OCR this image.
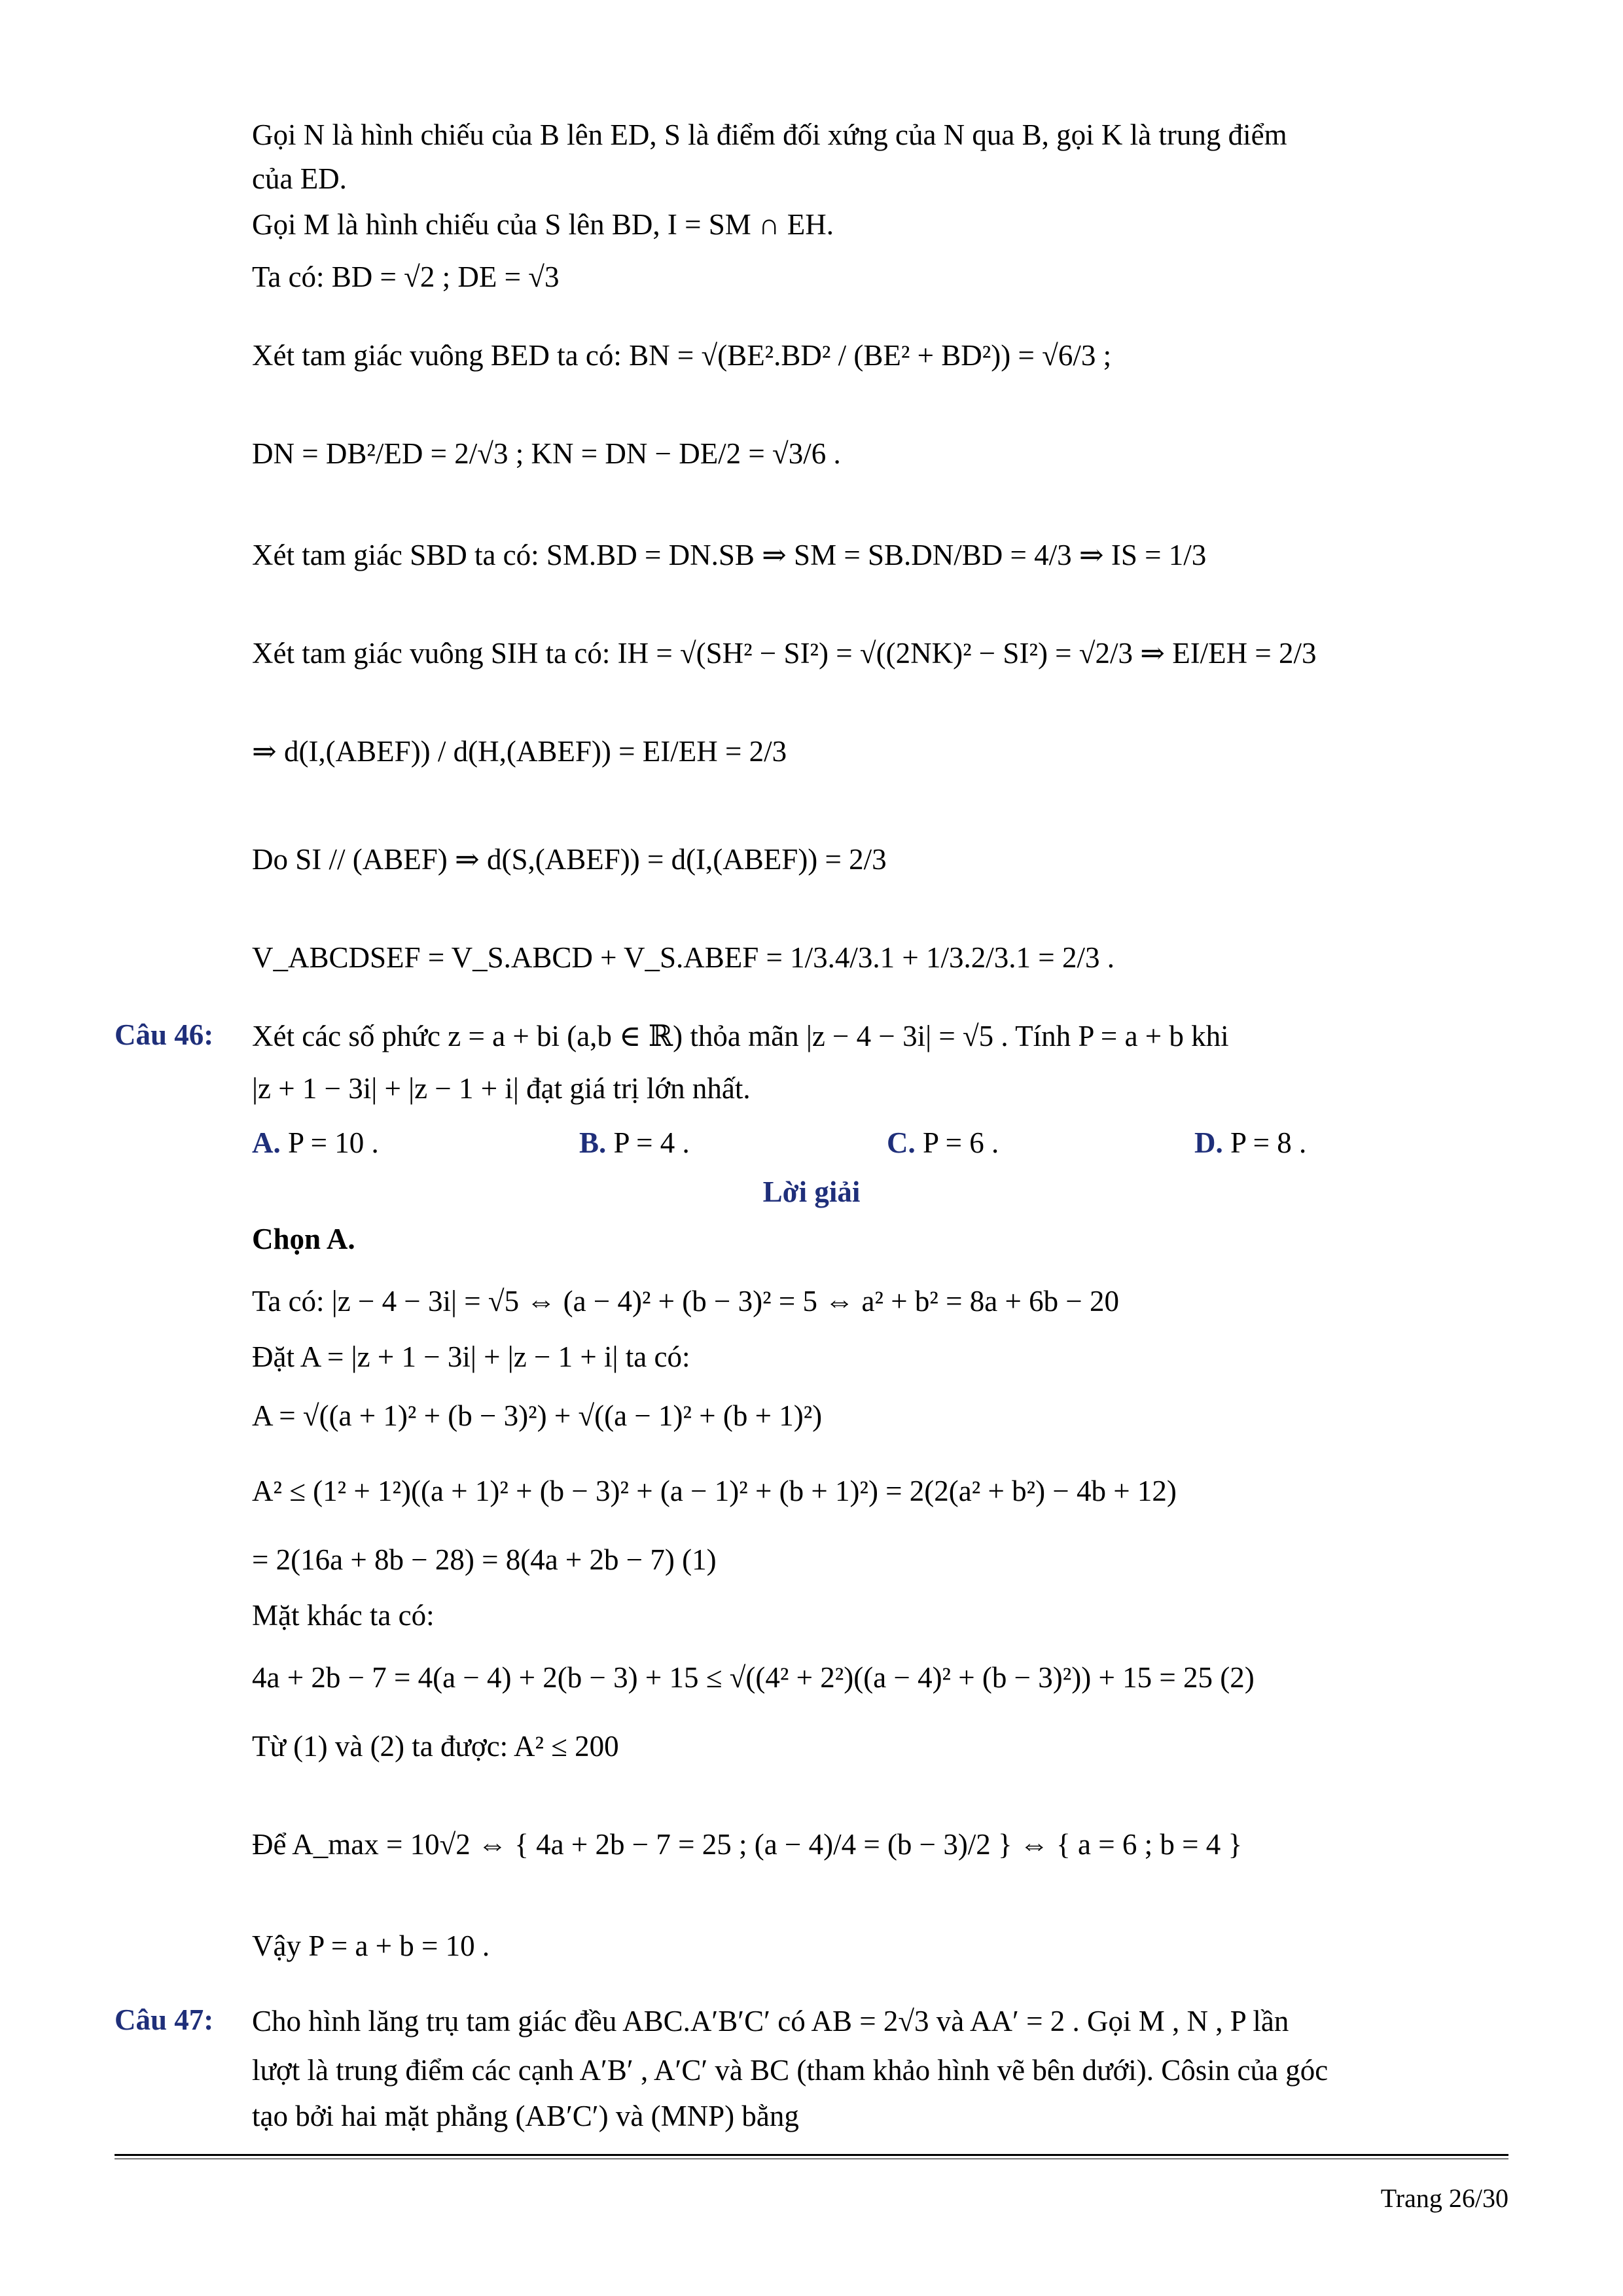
Gọi N là hình chiếu của B lên ED, S là điểm đối xứng của N qua B, gọi K là trung điểm
của ED.
Gọi M là hình chiếu của S lên BD, I = SM ∩ EH.
Ta có: BD = √2 ; DE = √3
Xét tam giác vuông BED ta có: BN = √(BE².BD² / (BE² + BD²)) = √6/3 ;
DN = DB²/ED = 2/√3 ; KN = DN − DE/2 = √3/6 .
Xét tam giác SBD ta có: SM.BD = DN.SB ⇒ SM = SB.DN/BD = 4/3 ⇒ IS = 1/3
Xét tam giác vuông SIH ta có: IH = √(SH² − SI²) = √((2NK)² − SI²) = √2/3 ⇒ EI/EH = 2/3
⇒ d(I,(ABEF)) / d(H,(ABEF)) = EI/EH = 2/3
Do SI // (ABEF) ⇒ d(S,(ABEF)) = d(I,(ABEF)) = 2/3
V_ABCDSEF = V_S.ABCD + V_S.ABEF = 1/3.4/3.1 + 1/3.2/3.1 = 2/3 .
Câu 46: Xét các số phức z = a + bi (a,b ∈ ℝ) thỏa mãn |z − 4 − 3i| = √5 . Tính P = a + b khi
|z + 1 − 3i| + |z − 1 + i| đạt giá trị lớn nhất.
A. P = 10 .	B. P = 4 .	C. P = 6 .	D. P = 8 .
Lời giải
Chọn A.
Ta có: |z − 4 − 3i| = √5 ⇔ (a − 4)² + (b − 3)² = 5 ⇔ a² + b² = 8a + 6b − 20
Đặt A = |z + 1 − 3i| + |z − 1 + i| ta có:
A = √((a + 1)² + (b − 3)²) + √((a − 1)² + (b + 1)²)
A² ≤ (1² + 1²)((a + 1)² + (b − 3)² + (a − 1)² + (b + 1)²) = 2(2(a² + b²) − 4b + 12)
= 2(16a + 8b − 28) = 8(4a + 2b − 7) (1)
Mặt khác ta có:
4a + 2b − 7 = 4(a − 4) + 2(b − 3) + 15 ≤ √((4² + 2²)((a − 4)² + (b − 3)²)) + 15 = 25 (2)
Từ (1) và (2) ta được: A² ≤ 200
Để A_max = 10√2 ⇔ { 4a + 2b − 7 = 25 ; (a − 4)/4 = (b − 3)/2 } ⇔ { a = 6 ; b = 4 }
Vậy P = a + b = 10 .
Câu 47: Cho hình lăng trụ tam giác đều ABC.A′B′C′ có AB = 2√3 và AA′ = 2 . Gọi M , N , P lần
lượt là trung điểm các cạnh A′B′ , A′C′ và BC (tham khảo hình vẽ bên dưới). Côsin của góc
tạo bởi hai mặt phẳng (AB′C′) và (MNP) bằng
Trang 26/30
